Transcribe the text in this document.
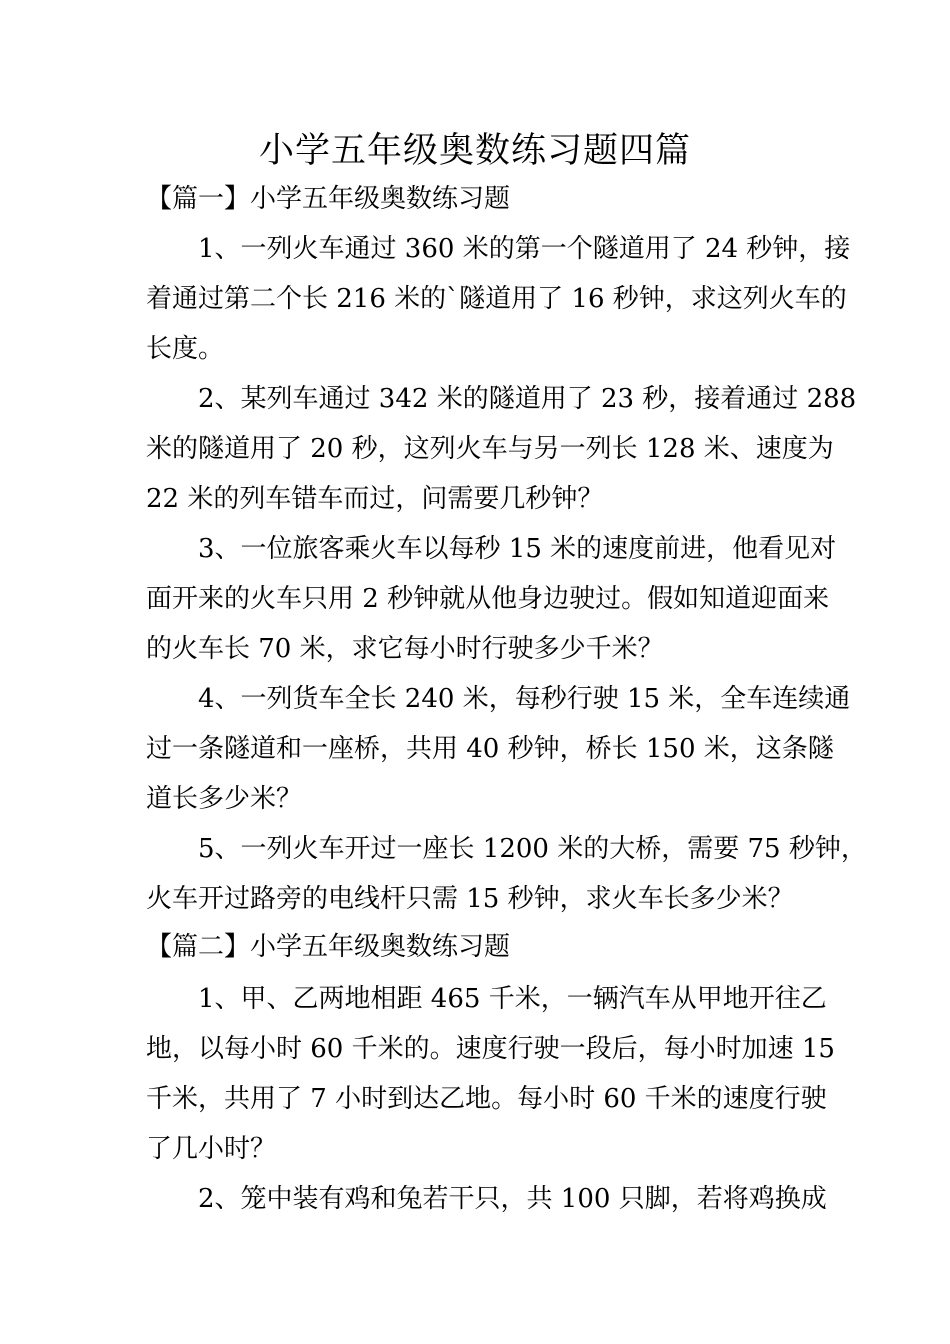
小学五年级奥数练习题四篇
【篇一】小学五年级奥数练习题
1、一列火车通过 360 米的第一个隧道用了 24 秒钟，接
着通过第二个长 216 米的`隧道用了 16 秒钟，求这列火车的
长度。
2、某列车通过 342 米的隧道用了 23 秒，接着通过 288
米的隧道用了 20 秒，这列火车与另一列长 128 米、速度为
22 米的列车错车而过，问需要几秒钟？
3、一位旅客乘火车以每秒 15 米的速度前进，他看见对
面开来的火车只用 2 秒钟就从他身边驶过。假如知道迎面来
的火车长 70 米，求它每小时行驶多少千米？
4、一列货车全长 240 米，每秒行驶 15 米，全车连续通
过一条隧道和一座桥，共用 40 秒钟，桥长 150 米，这条隧
道长多少米？
5、一列火车开过一座长 1200 米的大桥，需要 75 秒钟，
火车开过路旁的电线杆只需 15 秒钟，求火车长多少米？
【篇二】小学五年级奥数练习题
1、甲、乙两地相距 465 千米，一辆汽车从甲地开往乙
地，以每小时 60 千米的。速度行驶一段后，每小时加速 15
千米，共用了 7 小时到达乙地。每小时 60 千米的速度行驶
了几小时？
2、笼中装有鸡和兔若干只，共 100 只脚，若将鸡换成
